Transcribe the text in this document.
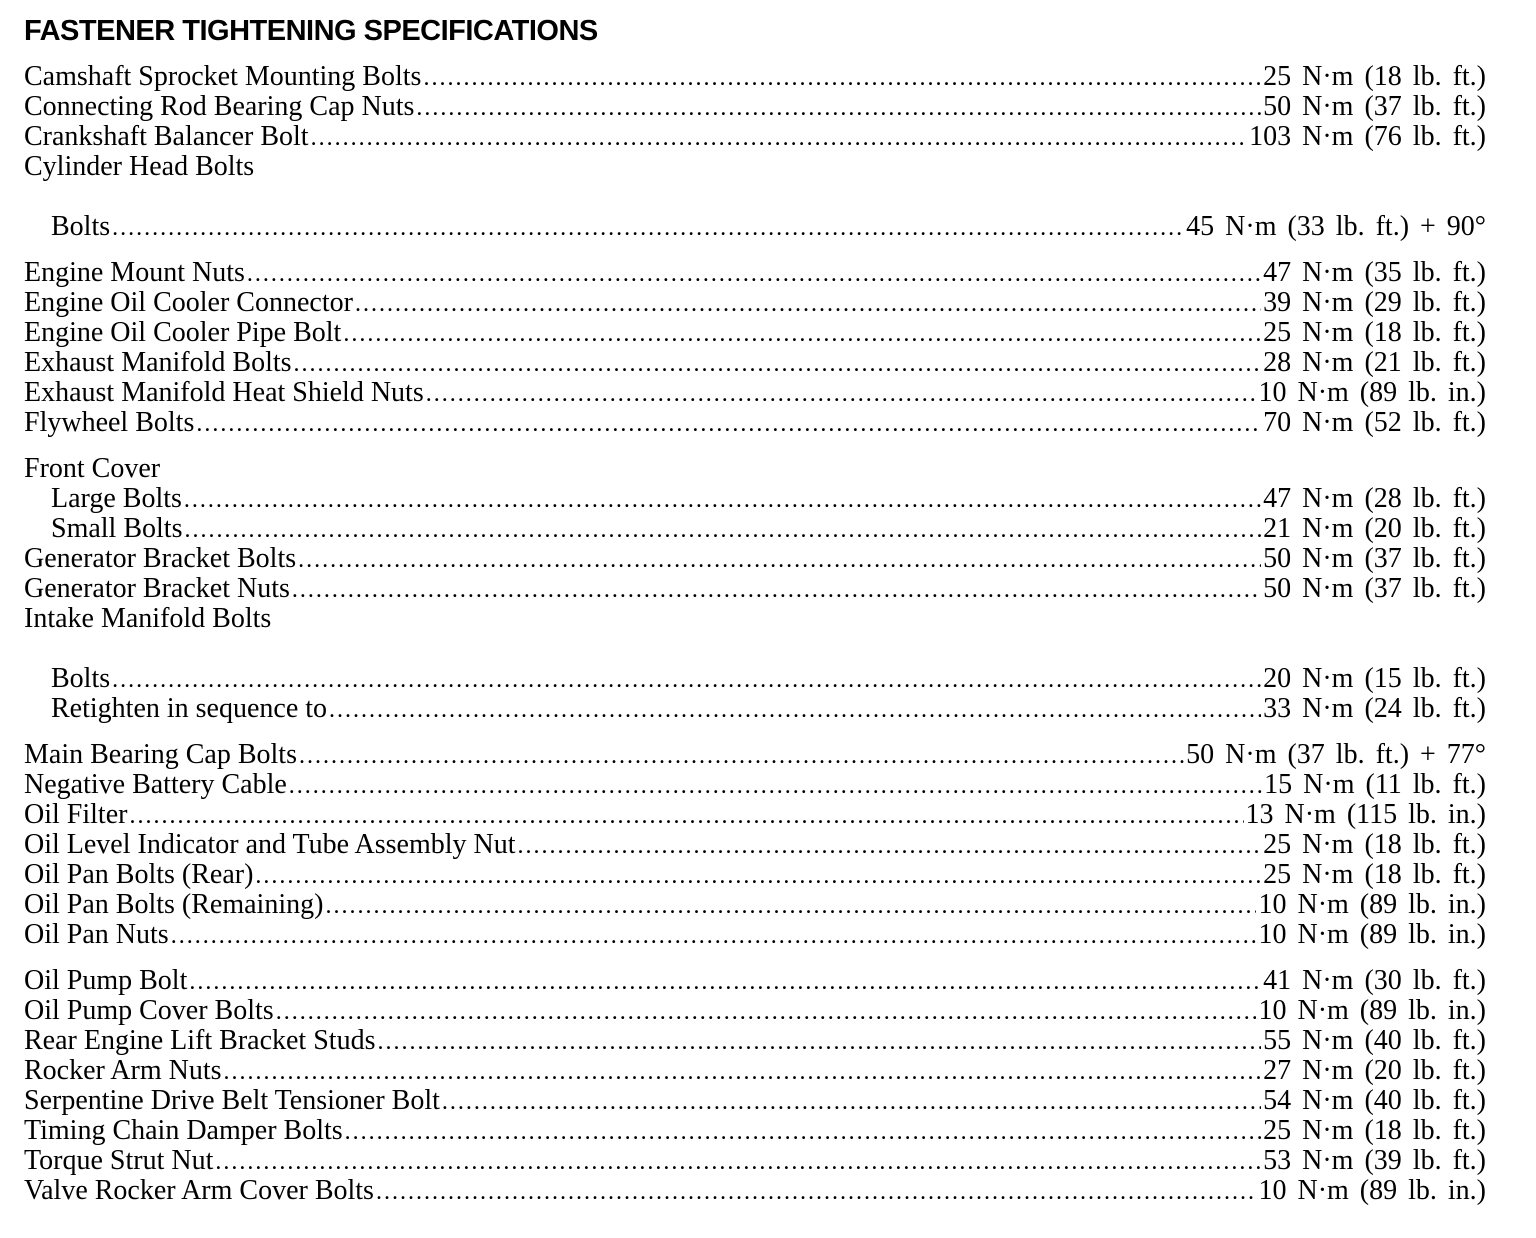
FASTENER TIGHTENING SPECIFICATIONS
Camshaft Sprocket Mounting Bolts .....	25 N·m (18 lb. ft.)
Connecting Rod Bearing Cap Nuts .....	50 N·m (37 lb. ft.)
Crankshaft Balancer Bolt .....	103 N·m (76 lb. ft.)
Cylinder Head Bolts
Bolts .....	45 N·m (33 lb. ft.) + 90°
Engine Mount Nuts .....	47 N·m (35 lb. ft.)
Engine Oil Cooler Connector .....	39 N·m (29 lb. ft.)
Engine Oil Cooler Pipe Bolt .....	25 N·m (18 lb. ft.)
Exhaust Manifold Bolts .....	28 N·m (21 lb. ft.)
Exhaust Manifold Heat Shield Nuts .....	10 N·m (89 lb. in.)
Flywheel Bolts .....	70 N·m (52 lb. ft.)
Front Cover
Large Bolts .....	47 N·m (28 lb. ft.)
Small Bolts .....	21 N·m (20 lb. ft.)
Generator Bracket Bolts .....	50 N·m (37 lb. ft.)
Generator Bracket Nuts .....	50 N·m (37 lb. ft.)
Intake Manifold Bolts
Bolts .....	20 N·m (15 lb. ft.)
Retighten in sequence to .....	33 N·m (24 lb. ft.)
Main Bearing Cap Bolts .....	50 N·m (37 lb. ft.) + 77°
Negative Battery Cable .....	15 N·m (11 lb. ft.)
Oil Filter .....	13 N·m (115 lb. in.)
Oil Level Indicator and Tube Assembly Nut .....	25 N·m (18 lb. ft.)
Oil Pan Bolts (Rear) .....	25 N·m (18 lb. ft.)
Oil Pan Bolts (Remaining) .....	10 N·m (89 lb. in.)
Oil Pan Nuts .....	10 N·m (89 lb. in.)
Oil Pump Bolt .....	41 N·m (30 lb. ft.)
Oil Pump Cover Bolts .....	10 N·m (89 lb. in.)
Rear Engine Lift Bracket Studs .....	55 N·m (40 lb. ft.)
Rocker Arm Nuts .....	27 N·m (20 lb. ft.)
Serpentine Drive Belt Tensioner Bolt .....	54 N·m (40 lb. ft.)
Timing Chain Damper Bolts .....	25 N·m (18 lb. ft.)
Torque Strut Nut .....	53 N·m (39 lb. ft.)
Valve Rocker Arm Cover Bolts .....	10 N·m (89 lb. in.)
